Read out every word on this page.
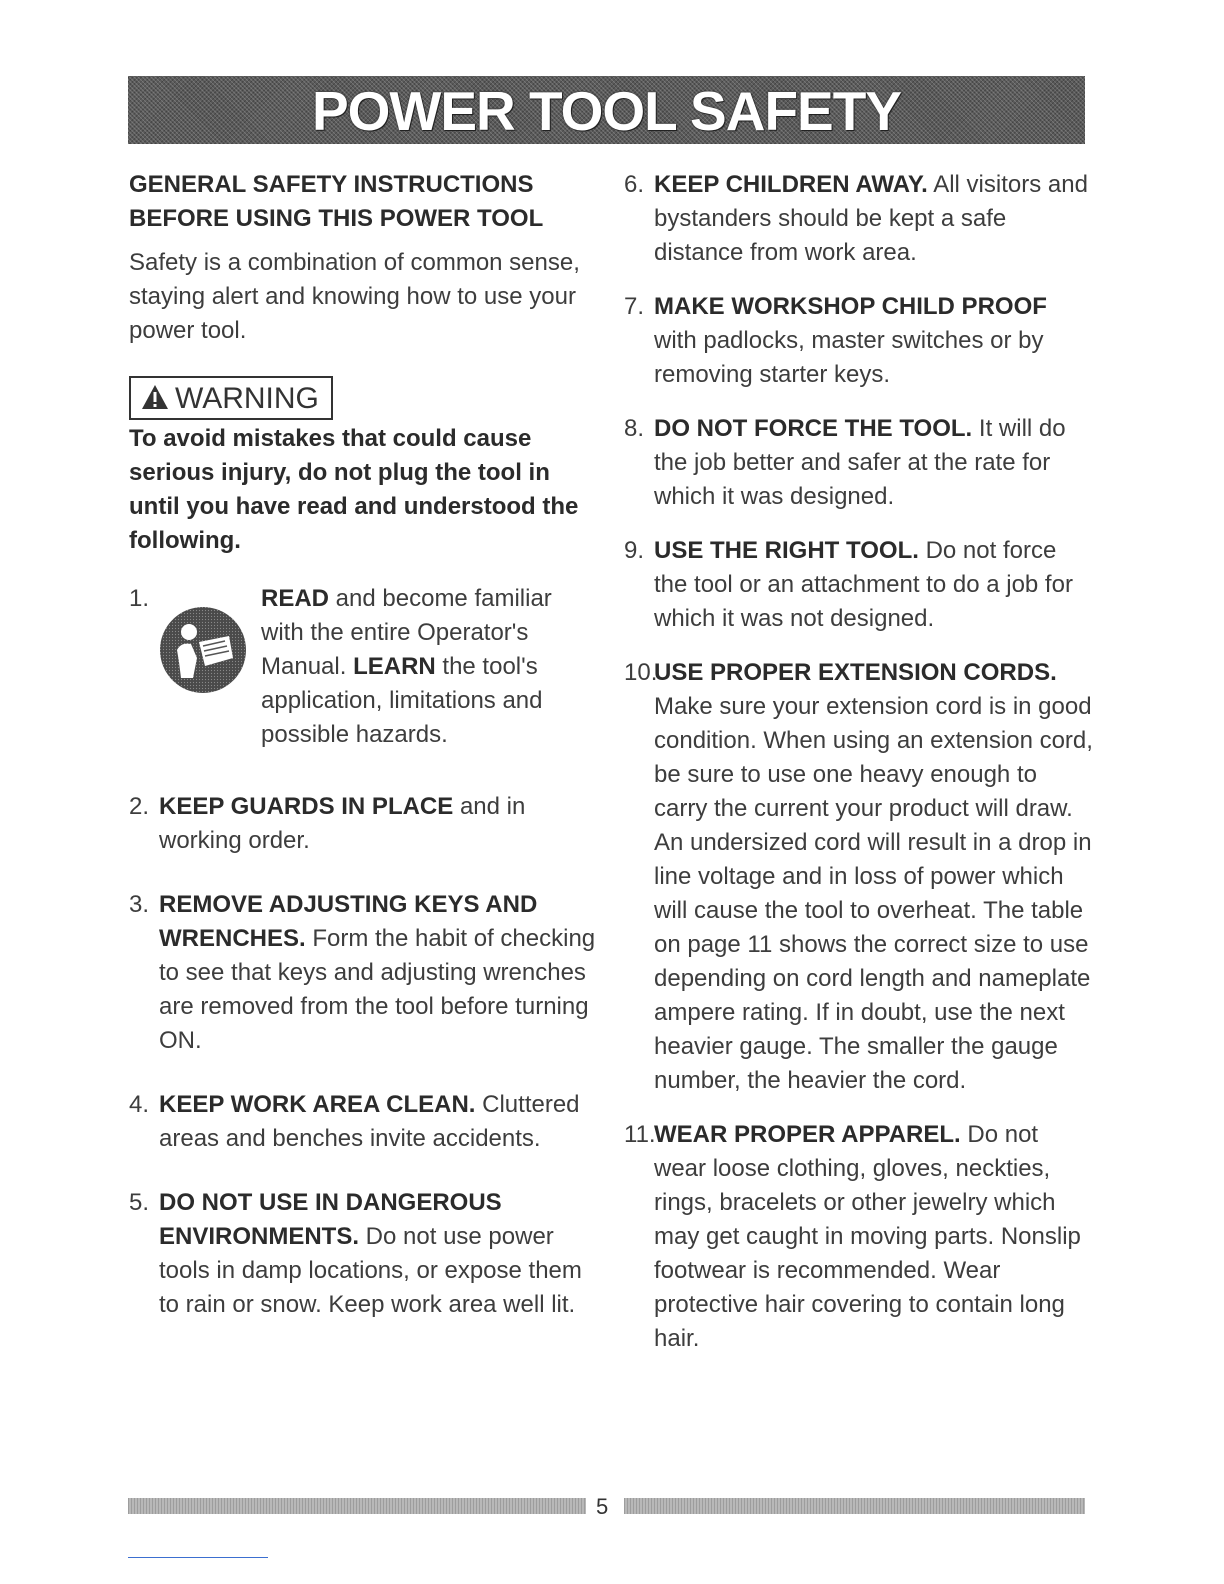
POWER TOOL SAFETY
GENERAL SAFETY INSTRUCTIONS
BEFORE USING THIS POWER TOOL
Safety is a combination of common sense, staying alert and knowing how to use your power tool.
WARNING
To avoid mistakes that could cause serious injury, do not plug the tool in until you have read and understood the following.
1.	READ and become familiar with the entire Operator's Manual. LEARN the tool's application, limitations and possible hazards.
2. KEEP GUARDS IN PLACE and in working order.
3. REMOVE ADJUSTING KEYS AND WRENCHES. Form the habit of checking to see that keys and adjusting wrenches are removed from the tool before turning ON.
4. KEEP WORK AREA CLEAN. Cluttered areas and benches invite accidents.
5. DO NOT USE IN DANGEROUS ENVIRONMENTS. Do not use power tools in damp locations, or expose them to rain or snow. Keep work area well lit.
6. KEEP CHILDREN AWAY. All visitors and bystanders should be kept a safe distance from work area.
7. MAKE WORKSHOP CHILD PROOF with padlocks, master switches or by removing starter keys.
8. DO NOT FORCE THE TOOL. It will do the job better and safer at the rate for which it was designed.
9. USE THE RIGHT TOOL. Do not force the tool or an attachment to do a job for which it was not designed.
10.
USE PROPER EXTENSION CORDS. Make sure your extension cord is in good condition. When using an extension cord, be sure to use one heavy enough to carry the current your product will draw. An undersized cord will result in a drop in line voltage and in loss of power which will cause the tool to overheat. The table on page 11 shows the correct size to use depending on cord length and nameplate ampere rating. If in doubt, use the next heavier gauge. The smaller the gauge number, the heavier the cord.
11.
WEAR PROPER APPAREL. Do not wear loose clothing, gloves, neckties, rings, bracelets or other jewelry which may get caught in moving parts. Nonslip footwear is recommended. Wear protective hair covering to contain long hair.
5
